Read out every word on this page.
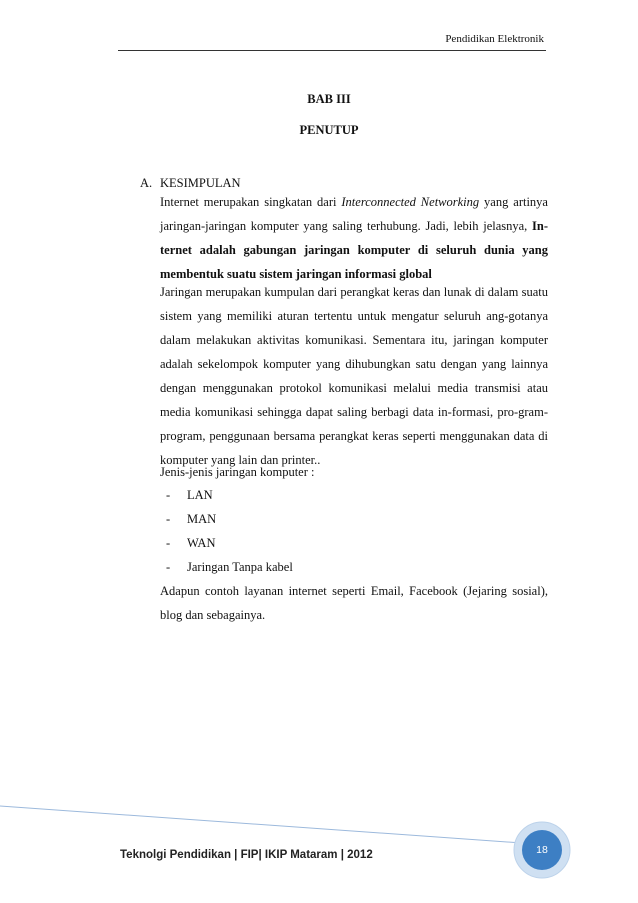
Pendidikan Elektronik
BAB III
PENUTUP
A. KESIMPULAN
Internet merupakan singkatan dari Interconnected Networking yang artinya jaringan-jaringan komputer yang saling terhubung. Jadi, lebih jelasnya, In-ternet adalah gabungan jaringan komputer di seluruh dunia yang membentuk suatu sistem jaringan informasi global
Jaringan merupakan kumpulan dari perangkat keras dan lunak di dalam suatu sistem yang memiliki aturan tertentu untuk mengatur seluruh ang-gotanya dalam melakukan aktivitas komunikasi. Sementara itu, jaringan komputer adalah sekelompok komputer yang dihubungkan satu dengan yang lainnya dengan menggunakan protokol komunikasi melalui media transmisi atau media komunikasi sehingga dapat saling berbagi data in-formasi, pro-gram-program, penggunaan bersama perangkat keras seperti menggunakan data di komputer yang lain dan printer..
Jenis-jenis jaringan komputer :
- LAN
- MAN
- WAN
- Jaringan Tanpa kabel
Adapun contoh layanan internet seperti Email, Facebook (Jejaring sosial), blog dan sebagainya.
18
Teknolgi Pendidikan | FIP| IKIP Mataram | 2012
